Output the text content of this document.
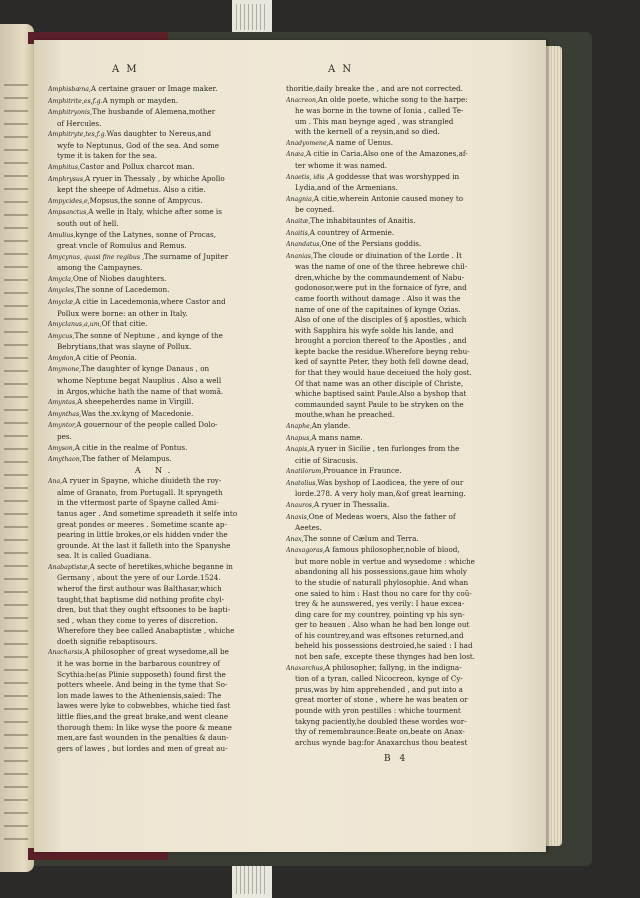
A M	A N
Amphisbæna,A certaine grauer or Image maker.
Amphitrite,es,f.g.A nymph or mayden.
Amphitryonis,The husbande of Alemena,mother
of Hercules.
Amphitryte,tes,f.g.Was daughter to Nereus,and
wyfe to Neptunus, God of the sea. And some
tyme it is taken for the sea.
Amphitus,Castor and Pollux charcot man.
Amphrysus,A ryuer in Thessaly , by whiche Apollo
kept the sheepe of Admetus. Also a citie.
Ampycides,e,Mopsus,the sonne of Ampycus.
Ampsanctus,A welle in Italy, whiche after some is
south out of hell.
Amulius,kynge of the Latynes, sonne of Procas,
great vncle of Romulus and Remus.
Amycynus, quasi fine regibus ,The surname of Jupiter
among the Campaynes.
Amycla,One of Niobes daughters.
Amycles,The sonne of Lacedemon.
Amyclæ,A citie in Lacedemonia,where Castor and
Pollux were borne: an other in Italy.
Amyclanus,a,um,Of that citie.
Amycus,The sonne of Neptune , and kynge of the
Bebrytians,that was slayne of Pollux.
Amydon,A citie of Peonia.
Amymone,The daughter of kynge Danaus , on
whome Neptune begat Nauplius . Also a well
in Argos,whiche hath the name of that womã.
Amyntas,A sheepeherdes name in Virgill.
Amynthas,Was the.xv.kyng of Macedonie.
Amyntor,A gouernour of the people called Dolo-
pes.
Amyson,A citie in the realme of Pontus.
Amythaon,The father of Melampus.
A N.
Ana,A ryuer in Spayne, whiche diuideth the roy-
alme of Granato, from Portugall. It spryngeth
in the vttermost parte of Spayne called Ami-
tanus ager . And sometime spreadeth it selfe into
great pondes or meeres . Sometime scante ap-
pearing in little brokes,or els hidden vnder the
grounde. At the last it falleth into the Spanyshe
sea. It is called Guadiana.
Anabaptistæ,A secte of heretikes,whiche beganne in
Germany , about the yere of our Lorde.1524.
wherof the first authour was Balthasar,which
taught,that baptisme did nothing profite chyl-
dren, but that they ought eftsoones to be bapti-
sed , whan they come to yeres of discretion.
Wherefore they bee called Anabaptistæ , whiche
doeth signifie rebaptisours.
Anacharsis,A philosopher of great wysedome,all be
it he was borne in the barbarous countrey of
Scythia:he(as Plinie supposeth) found first the
potters wheele. And being in the tyme that So-
lon made lawes to the Atheniensis,saied: The
lawes were lyke to cobwebbes, whiche tied fast
little flies,and the great brake,and went cleane
thorough them: In like wyse the poore & meane
men,are fast wounden in the penalties & daun-
gers of lawes , but lordes and men of great au-
thoritie,daily breake the , and are not corrected.
Anacreon,An olde poete, whiche song to the harpe:
he was borne in the towne of Ionia , called Te-
um . This man beynge aged , was strangled
with the kernell of a reysin,and so died.
Anadyomene,A name of Uenus.
Anæa,A citie in Caria.Also one of the Amazones,af-
ter whome it was named.
Anaetis, idis ,A goddesse that was worshypped in
Lydia,and of the Armenians.
Anagnia,A citie,wherein Antonie caused money to
be coyned.
Anaitæ,The inhabitauntes of Anaitis.
Anaitis,A countrey of Armenie.
Anandatus,One of the Persians goddis.
Ananias,The cloude or diuination of the Lorde . It
was the name of one of the three hebrewe chil-
dren,whiche by the commaundement of Nabu-
godonosor,were put in the fornaice of fyre, and
came foorth without damage . Also it was the
name of one of the capitaines of kynge Ozias.
Also of one of the disciples of § apostles, which
with Sapphira his wyfe solde his lande, and
brought a porcion thereof to the Apostles , and
kepte backe the residue.Wherefore beyng rebu-
ked of sayntte Peter, they both fell downe dead,
for that they would haue deceiued the holy gost.
Of that name was an other disciple of Christe,
whiche baptised saint Paule.Also a byshop that
commaunded saynt Paule to be stryken on the
mouthe,whan he preached.
Anaphe,An ylande.
Anapus,A mans name.
Anapis,A ryuer in Sicilie , ten furlonges from the
citie of Siracusis.
Anatilorum,Prouance in Fraunce.
Anatolius,Was byshop of Laodicea, the yere of our
lorde.278. A very holy man,&of great learning.
Anauros,A ryuer in Thessalia.
Anaxis,One of Medeas woers, Also the father of
Aeetes.
Anax,The sonne of Cælum and Terra.
Anaxagoras,A famous philosopher,noble of blood,
but more noble in vertue and wysedome : whiche
abandoning all his possessions,gaue him wholy
to the studie of naturall phylosophie. And whan
one saied to him : Hast thou no care for thy coũ-
trey & he aunswered, yes verily: I haue excea-
ding care for my countrey, pointing vp his syn-
ger to heauen . Also whan he had ben longe out
of his countrey,and was eftsones returned,and
beheld his possessions destroied,he saied : I had
not ben safe, excepte these thynges had ben lost.
Anaxarchus,A philosopher, fallyng, in the indigna-
tion of a tyran, called Nicocreon, kynge of Cy-
prus,was by him apprehended , and put into a
great morter of stone , where he was beaten or
pounde with yron pestilles : whiche tourment
takyng paciently,he doubled these wordes wor-
thy of remembraunce:Beate on,beate on Anax-
archus wynde bag:for Anaxarchus thou beatest
B 4
